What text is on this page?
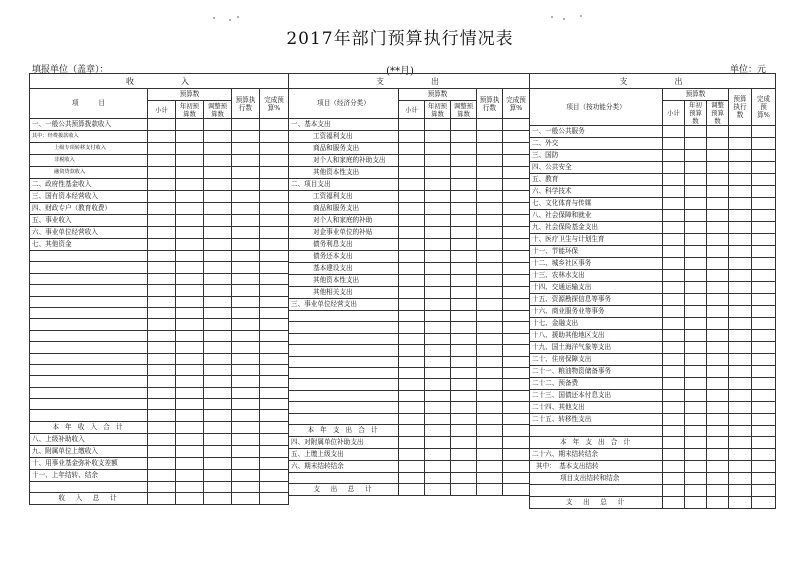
2017年部门预算执行情况表
填报单位（盖章）：	(**月)	单位：元
收　　　　入					
项　　　目	预算数			预算执行数	完成预算%
	小计	年初预算数	调整预算数		
一、一般公共预算拨款收入					
其中：经费拨款收入					
上级专项转移支付收入					
非税收入					
融资贷款收入					
二、政府性基金收入					
三、国有资本经营收入					
四、财政专户（教育收费）					
五、事业收入					
六、事业单位经营收入					
七、其他资金					

本 年 收 入 合 计					
八、上级补助收入					
九、附属单位上缴收入					
十、用事业基金弥补收支差额					
十一、上年结转、结余					

收　入　总　计					
支　　　　出					
项目（经济分类）	预算数			预算执行数	完成预算%
	小计	年初预算数	调整预算数		
一、基本支出					
工资福利支出					
商品和服务支出					
对个人和家庭的补助支出					
其他资本性支出					
二、项目支出					
工资福利支出					
商品和服务支出					
对个人和家庭的补助					
对企事业单位的补贴					
债务利息支出					
债务还本支出					
基本建设支出					
其他资本性支出					
其他相关支出					
三、事业单位经营支出					

本 年 支 出 合 计					
四、对附属单位补助支出					
五、上缴上级支出					
六、期末结转结余					

支　出　总　计					
支　　　　出					
项目（按功能分类）	预算数			预算执行数	完成预算%
	小计	年初预算数	调整预算数		
一、一般公共服务					
二、外交					
三、国防					
四、公共安全					
五、教育					
六、科学技术					
七、文化体育与传媒					
八、社会保障和就业					
九、社会保险基金支出					
十、医疗卫生与计划生育					
十一、节能环保					
十二、城乡社区事务					
十三、农林水支出					
十四、交通运输支出					
十五、资源勘探信息等事务					
十六、商业服务业等事务					
十七、金融支出					
十八、援助其他地区支出					
十九、国土海洋气象等支出					
二十、住房保障支出					
二十一、粮油物资储备事务					
二十二、预备费					
二十三、国债还本付息支出					
二十四、其他支出					
二十五、转移性支出					

本 年 支 出 合 计					
二十六、期末结转结余					
其中：　基本支出结转					
项目支出结转和结余					

支　出　总　计					
